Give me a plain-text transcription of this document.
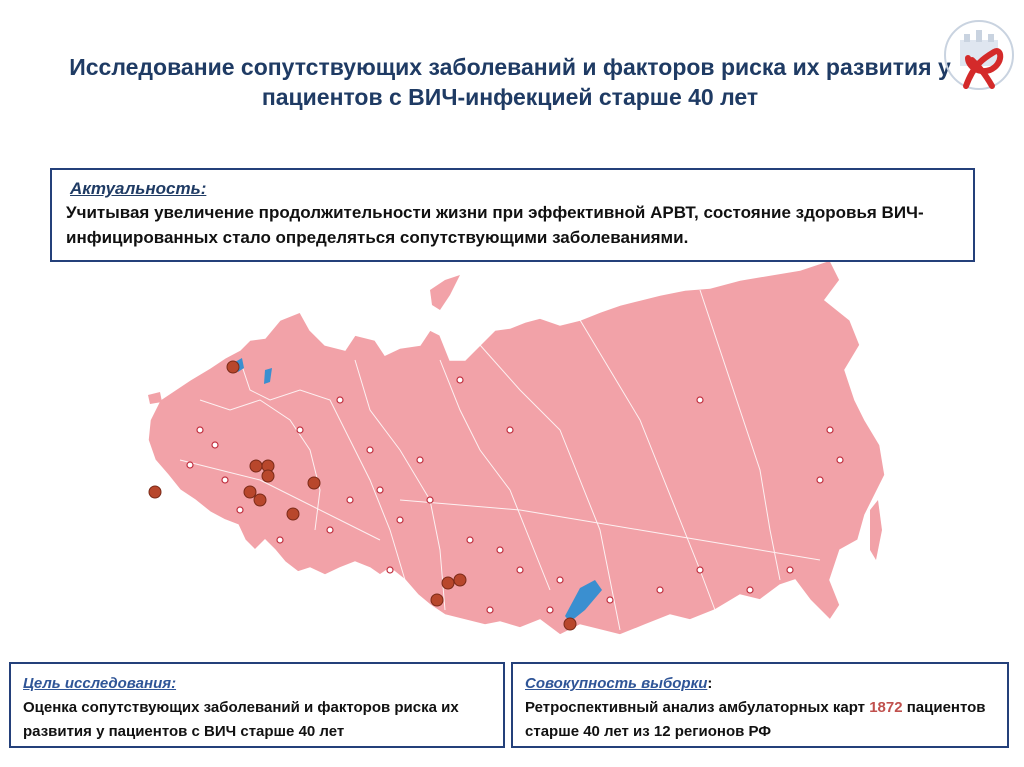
Исследование сопутствующих заболеваний и факторов риска их развития у пациентов с ВИЧ-инфекцией старше 40 лет
Актуальность:
Учитывая увеличение продолжительности жизни при эффективной АРВТ, состояние здоровья ВИЧ-инфицированных стало определяться сопутствующими заболеваниями.
Цель исследования:
Оценка сопутствующих заболеваний и факторов риска их развития у пациентов с ВИЧ старше 40 лет
Совокупность выборки:
Ретроспективный анализ амбулаторных карт 1872 пациентов старше 40 лет из 12 регионов РФ
